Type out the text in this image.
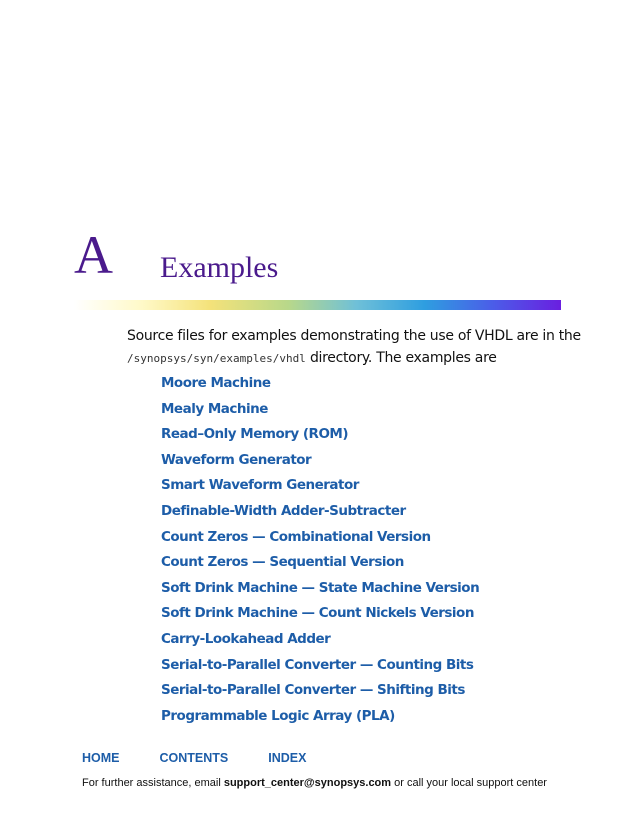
A Examples

Source files for examples demonstrating the use of VHDL are in the /synopsys/syn/examples/vhdl directory. The examples are

Moore Machine
Mealy Machine
Read–Only Memory (ROM)
Waveform Generator
Smart Waveform Generator
Definable-Width Adder-Subtracter
Count Zeros — Combinational Version
Count Zeros — Sequential Version
Soft Drink Machine — State Machine Version
Soft Drink Machine — Count Nickels Version
Carry-Lookahead Adder
Serial-to-Parallel Converter — Counting Bits
Serial-to-Parallel Converter — Shifting Bits
Programmable Logic Array (PLA)
HOME	CONTENTS	INDEX
For further assistance, email support_center@synopsys.com or call your local support center
